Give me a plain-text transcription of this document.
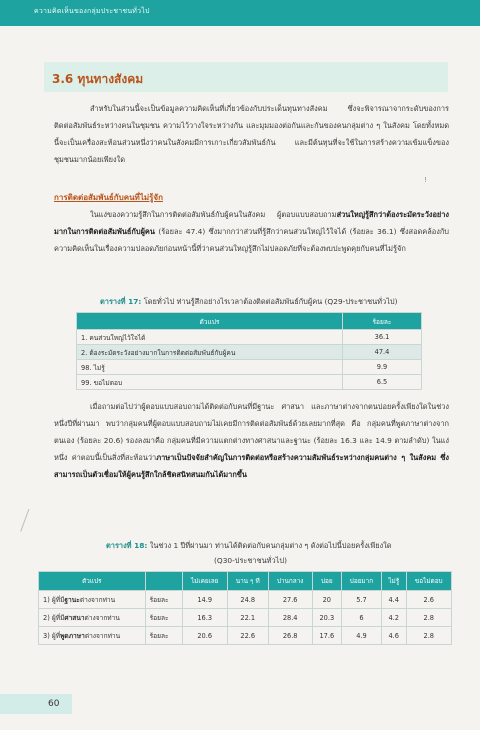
ความคิดเห็นของกลุ่มประชาชนทั่วไป
3.6 ทุนทางสังคม
สำหรับในส่วนนี้จะเป็นข้อมูลความคิดเห็นที่เกี่ยวข้องกับประเด็นทุนทางสังคม ซึ่งจะพิจารณาจากระดับของการติดต่อสัมพันธ์ระหว่างคนในชุมชน ความไว้วางใจระหว่างกัน และมุมมองต่อกันและกันของคนกลุ่มต่าง ๆ ในสังคม โดยทั้งหมดนี้จะเป็นเครื่องสะท้อนส่วนหนึ่งว่าคนในสังคมมีการเกาะเกี่ยวสัมพันธ์กัน และมีต้นทุนที่จะใช้ในการสร้างความเข้มแข็งของชุมชนมากน้อยเพียงใด
!
การติดต่อสัมพันธ์กับคนที่ไม่รู้จัก
ในแง่ของความรู้สึกในการติดต่อสัมพันธ์กับผู้คนในสังคม ผู้ตอบแบบสอบถามส่วนใหญ่รู้สึกว่าต้องระมัดระวังอย่างมากในการติดต่อสัมพันธ์กับผู้คน (ร้อยละ 47.4) ซึ่งมากกว่าส่วนที่รู้สึกว่าคนส่วนใหญ่ไว้ใจได้ (ร้อยละ 36.1) ซึ่งสอดคล้องกับความคิดเห็นในเรื่องความปลอดภัยก่อนหน้านี้ที่ว่าคนส่วนใหญ่รู้สึกไม่ปลอดภัยที่จะต้องพบปะพูดคุยกับคนที่ไม่รู้จัก
ตารางที่ 17: โดยทั่วไป ท่านรู้สึกอย่างไรเวลาต้องติดต่อสัมพันธ์กับผู้คน (Q29-ประชาชนทั่วไป)
ตัวแปร	ร้อยละ
1. คนส่วนใหญ่ไว้ใจได้	36.1
2. ต้องระมัดระวังอย่างมากในการติดต่อสัมพันธ์กับผู้คน	47.4
98. ไม่รู้	9.9
99. ขอไม่ตอบ	6.5
เมื่อถามต่อไปว่าผู้ตอบแบบสอบถามได้ติดต่อกับคนที่มีฐานะ ศาสนา และภาษาต่างจากตนบ่อยครั้งเพียงใดในช่วงหนึ่งปีที่ผ่านมา พบว่ากลุ่มคนที่ผู้ตอบแบบสอบถามไม่เคยมีการติดต่อสัมพันธ์ด้วยเลยมากที่สุด คือ กลุ่มคนที่พูดภาษาต่างจากตนเอง (ร้อยละ 20.6) รองลงมาคือ กลุ่มคนที่มีความแตกต่างทางศาสนาและฐานะ (ร้อยละ 16.3 และ 14.9 ตามลำดับ) ในแง่หนึ่ง ค่าตอบนี้เป็นสิ่งที่สะท้อนว่าภาษาเป็นปัจจัยสำคัญในการติดต่อหรือสร้างความสัมพันธ์ระหว่างกลุ่มคนต่าง ๆ ในสังคม ซึ่งสามารถเป็นตัวเชื่อมให้ผู้คนรู้สึกใกล้ชิดสนิทสนมกันได้มากขึ้น
ตารางที่ 18: ในช่วง 1 ปีที่ผ่านมา ท่านได้ติดต่อกับคนกลุ่มต่าง ๆ ดังต่อไปนี้บ่อยครั้งเพียงใด
(Q30-ประชาชนทั่วไป)
ตัวแปร		ไม่เคยเลย	นาน ๆ ที	ปานกลาง	บ่อย	บ่อยมาก	ไม่รู้	ขอไม่ตอบ
1) ผู้ที่มีฐานะต่างจากท่าน	ร้อยละ	14.9	24.8	27.6	20	5.7	4.4	2.6
2) ผู้ที่มีศาสนาต่างจากท่าน	ร้อยละ	16.3	22.1	28.4	20.3	6	4.2	2.8
3) ผู้ที่พูดภาษาต่างจากท่าน	ร้อยละ	20.6	22.6	26.8	17.6	4.9	4.6	2.8
60
